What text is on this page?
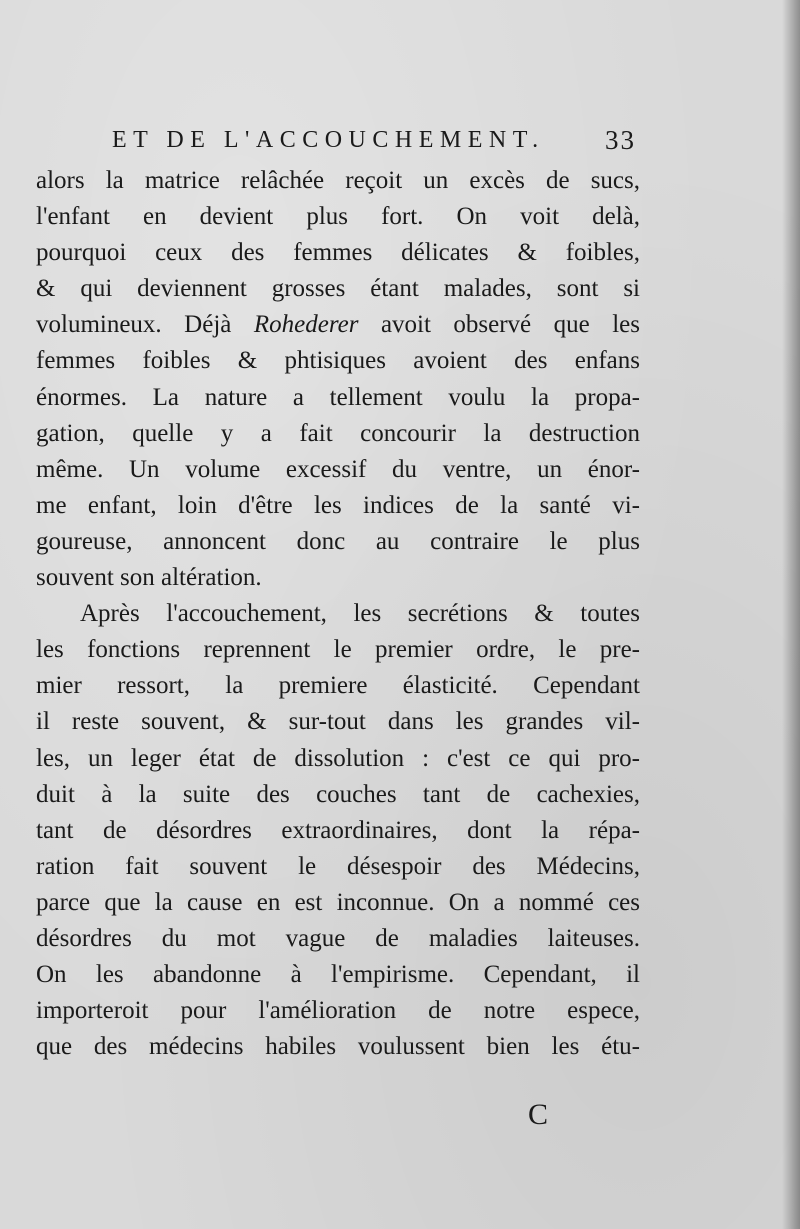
ET DE L'ACCOUCHEMENT. 33
alors la matrice relâchée reçoit un excès de sucs,
l'enfant en devient plus fort. On voit delà,
pourquoi ceux des femmes délicates & foibles,
& qui deviennent grosses étant malades, sont si
volumineux. Déjà Rohederer avoit observé que les
femmes foibles & phtisiques avoient des enfans
énormes. La nature a tellement voulu la propa-
gation, quelle y a fait concourir la destruction
même. Un volume excessif du ventre, un énor-
me enfant, loin d'être les indices de la santé vi-
goureuse, annoncent donc au contraire le plus
souvent son altération.
Après l'accouchement, les secrétions & toutes
les fonctions reprennent le premier ordre, le pre-
mier ressort, la premiere élasticité. Cependant
il reste souvent, & sur-tout dans les grandes vil-
les, un leger état de dissolution : c'est ce qui pro-
duit à la suite des couches tant de cachexies,
tant de désordres extraordinaires, dont la répa-
ration fait souvent le désespoir des Médecins,
parce que la cause en est inconnue. On a nommé ces
désordres du mot vague de maladies laiteuses.
On les abandonne à l'empirisme. Cependant, il
importeroit pour l'amélioration de notre espece,
que des médecins habiles voulussent bien les étu-
C
